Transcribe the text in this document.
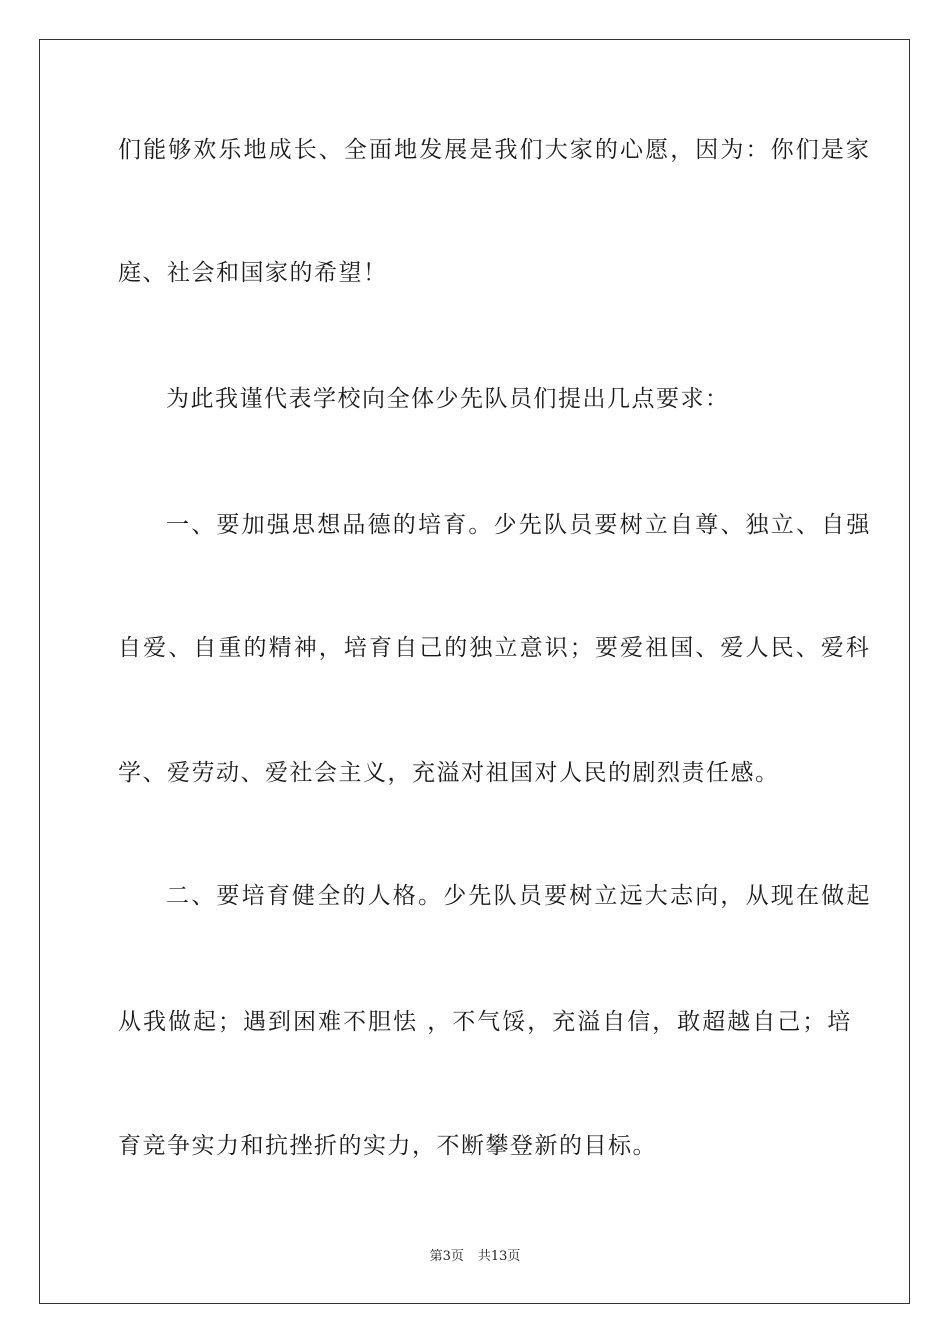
们能够欢乐地成长、全面地发展是我们大家的心愿，因为：你们是家
庭、社会和国家的希望！
为此我谨代表学校向全体少先队员们提出几点要求：
一、要加强思想品德的培育。少先队员要树立自尊、独立、自强
自爱、自重的精神，培育自己的独立意识；要爱祖国、爱人民、爱科
学、爱劳动、爱社会主义，充溢对祖国对人民的剧烈责任感。
二、要培育健全的人格。少先队员要树立远大志向，从现在做起
从我做起；遇到困难不胆怯 ，不气馁，充溢自信，敢超越自己；培
育竞争实力和抗挫折的实力，不断攀登新的目标。
第3页 共13页
